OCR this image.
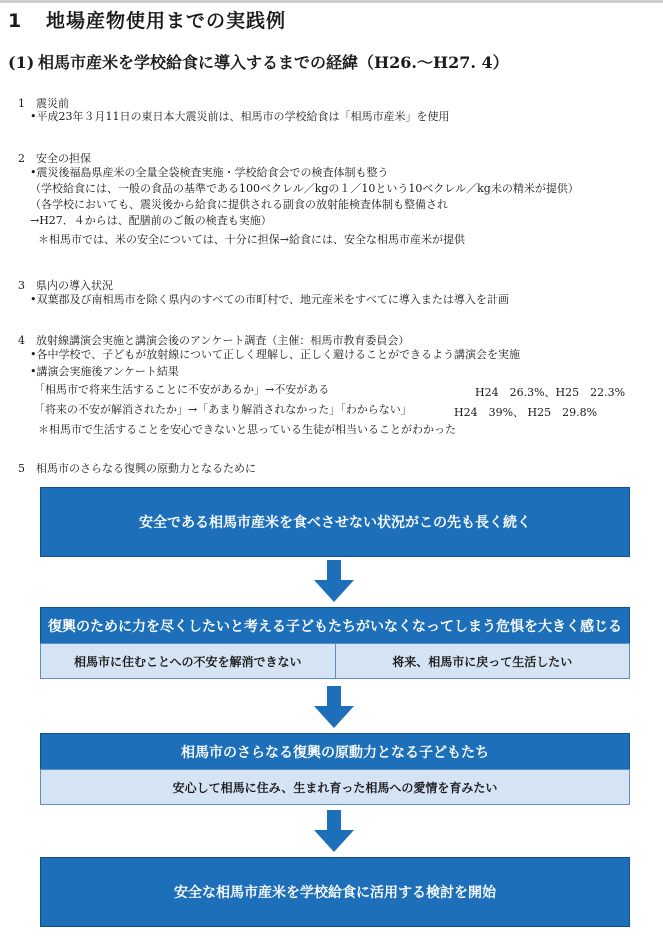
1 地場産物使用までの実践例
(1) 相馬市産米を学校給食に導入するまでの経緯（H26.～H27. 4）
1 震災前
•平成23年３月11日の東日本大震災前は、相馬市の学校給食は「相馬市産米」を使用
2 安全の担保
•震災後福島県産米の全量全袋検査実施・学校給食会での検査体制も整う
（学校給食には、一般の食品の基準である100ベクレル／kgの１／10という10ベクレル／kg未の精米が提供）
（各学校においても、震災後から給食に提供される副食の放射能検査体制も整備され
→H27．４からは、配膳前のご飯の検査も実施）
＊相馬市では、米の安全については、十分に担保→給食には、安全な相馬市産米が提供
3 県内の導入状況
•双葉郡及び南相馬市を除く県内のすべての市町村で、地元産米をすべてに導入または導入を計画
4 放射線講演会実施と講演会後のアンケート調査（主催：相馬市教育委員会）
•各中学校で、子どもが放射線について正しく理解し、正しく避けることができるよう講演会を実施
•講演会実施後アンケート結果
「相馬市で将来生活することに不安があるか」→不安がある	H24　26.3%、H25　22.3%
「将来の不安が解消されたか」→「あまり解消されなかった」「わからない」	H24　39%、 H25　29.8%
＊相馬市で生活することを安心できないと思っている生徒が相当いることがわかった
5 相馬市のさらなる復興の原動力となるために
安全である相馬市産米を食べさせない状況がこの先も長く続く
復興のために力を尽くしたいと考える子どもたちがいなくなってしまう危惧を大きく感じる
相馬市に住むことへの不安を解消できない	将来、相馬市に戻って生活したい
相馬市のさらなる復興の原動力となる子どもたち
安心して相馬に住み、生まれ育った相馬への愛情を育みたい
安全な相馬市産米を学校給食に活用する検討を開始
